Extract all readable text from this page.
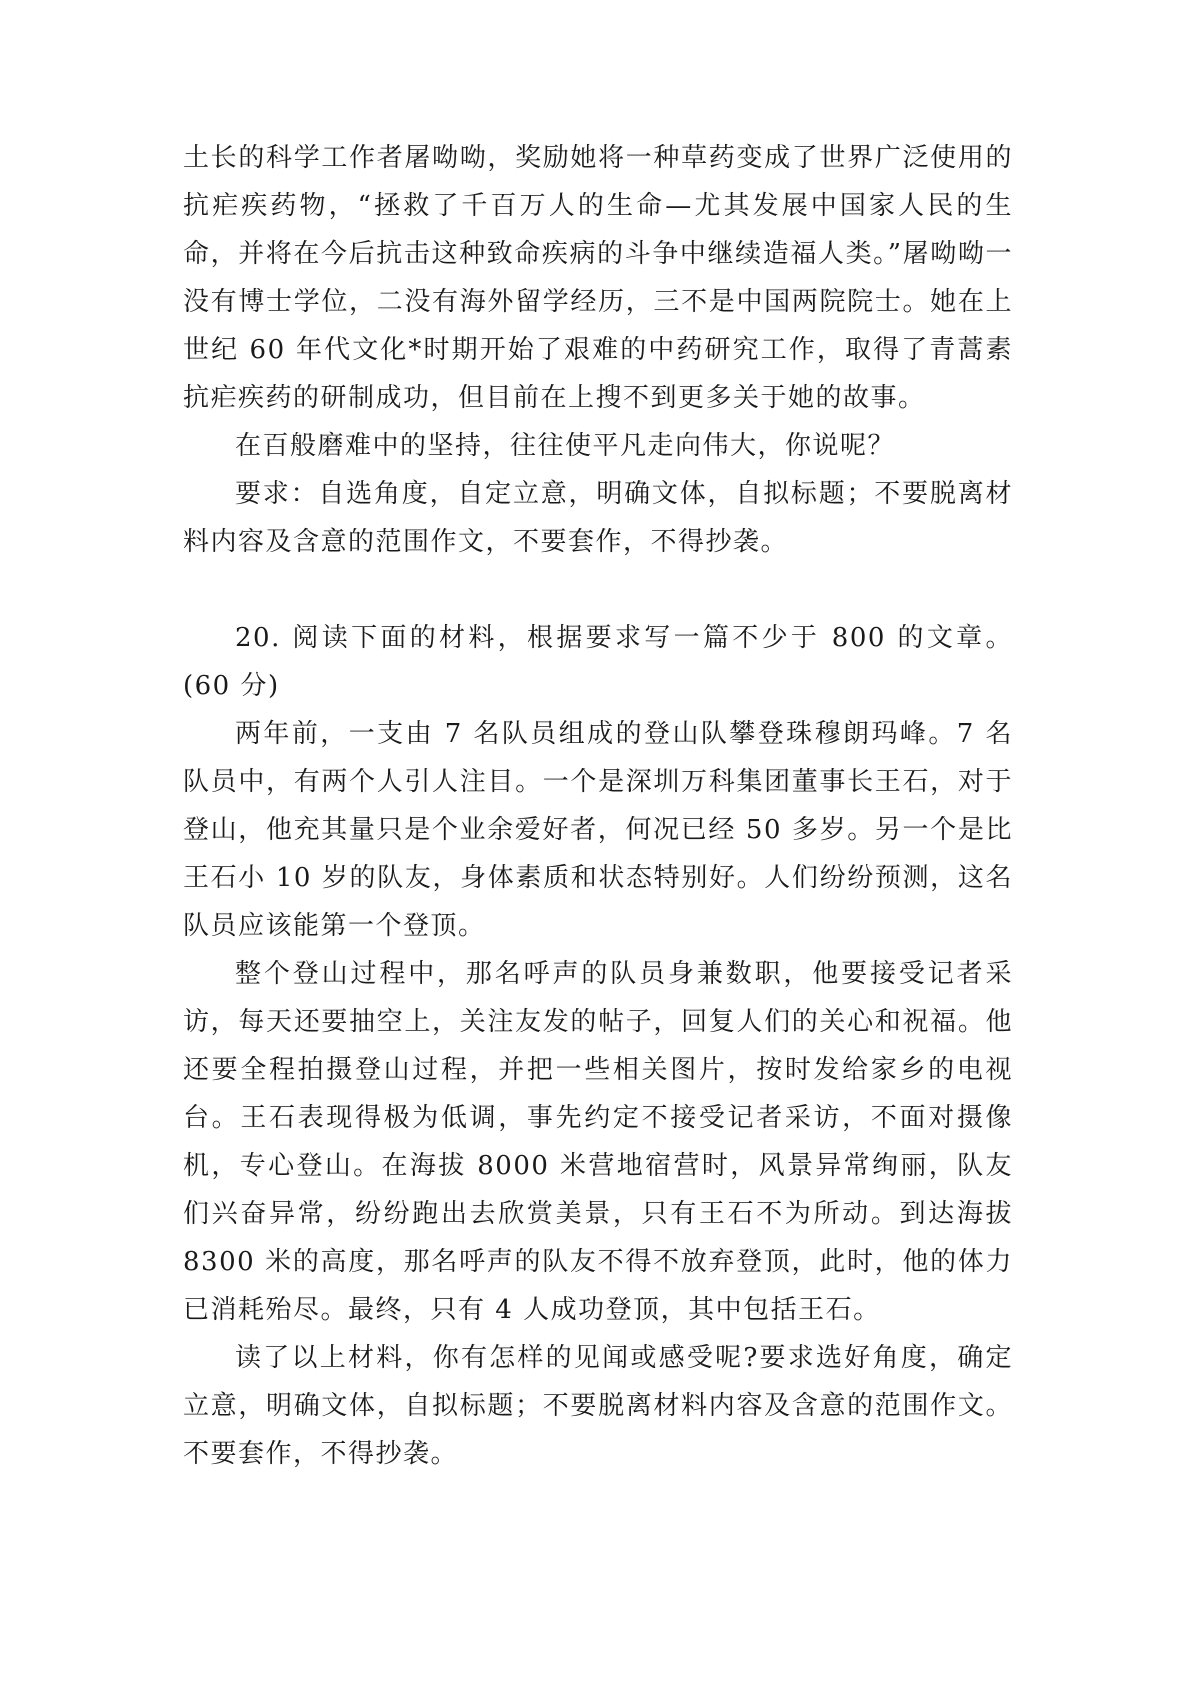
土长的科学工作者屠呦呦，奖励她将一种草药变成了世界广泛使用的抗疟疾药物，“拯救了千百万人的生命—尤其发展中国家人民的生命，并将在今后抗击这种致命疾病的斗争中继续造福人类。”屠呦呦一没有博士学位，二没有海外留学经历，三不是中国两院院士。她在上世纪 60 年代文化*时期开始了艰难的中药研究工作，取得了青蒿素抗疟疾药的研制成功，但目前在上搜不到更多关于她的故事。

在百般磨难中的坚持，往往使平凡走向伟大，你说呢？

要求：自选角度，自定立意，明确文体，自拟标题；不要脱离材料内容及含意的范围作文，不要套作，不得抄袭。

20. 阅读下面的材料，根据要求写一篇不少于 800 的文章。(60 分)

两年前，一支由 7 名队员组成的登山队攀登珠穆朗玛峰。7 名队员中，有两个人引人注目。一个是深圳万科集团董事长王石，对于登山，他充其量只是个业余爱好者，何况已经 50 多岁。另一个是比王石小 10 岁的队友，身体素质和状态特别好。人们纷纷预测，这名队员应该能第一个登顶。

整个登山过程中，那名呼声的队员身兼数职，他要接受记者采访，每天还要抽空上，关注友发的帖子，回复人们的关心和祝福。他还要全程拍摄登山过程，并把一些相关图片，按时发给家乡的电视台。王石表现得极为低调，事先约定不接受记者采访，不面对摄像机，专心登山。在海拔 8000 米营地宿营时，风景异常绚丽，队友们兴奋异常，纷纷跑出去欣赏美景，只有王石不为所动。到达海拔 8300 米的高度，那名呼声的队友不得不放弃登顶，此时，他的体力已消耗殆尽。最终，只有 4 人成功登顶，其中包括王石。

读了以上材料，你有怎样的见闻或感受呢?要求选好角度，确定立意，明确文体，自拟标题；不要脱离材料内容及含意的范围作文。不要套作，不得抄袭。
